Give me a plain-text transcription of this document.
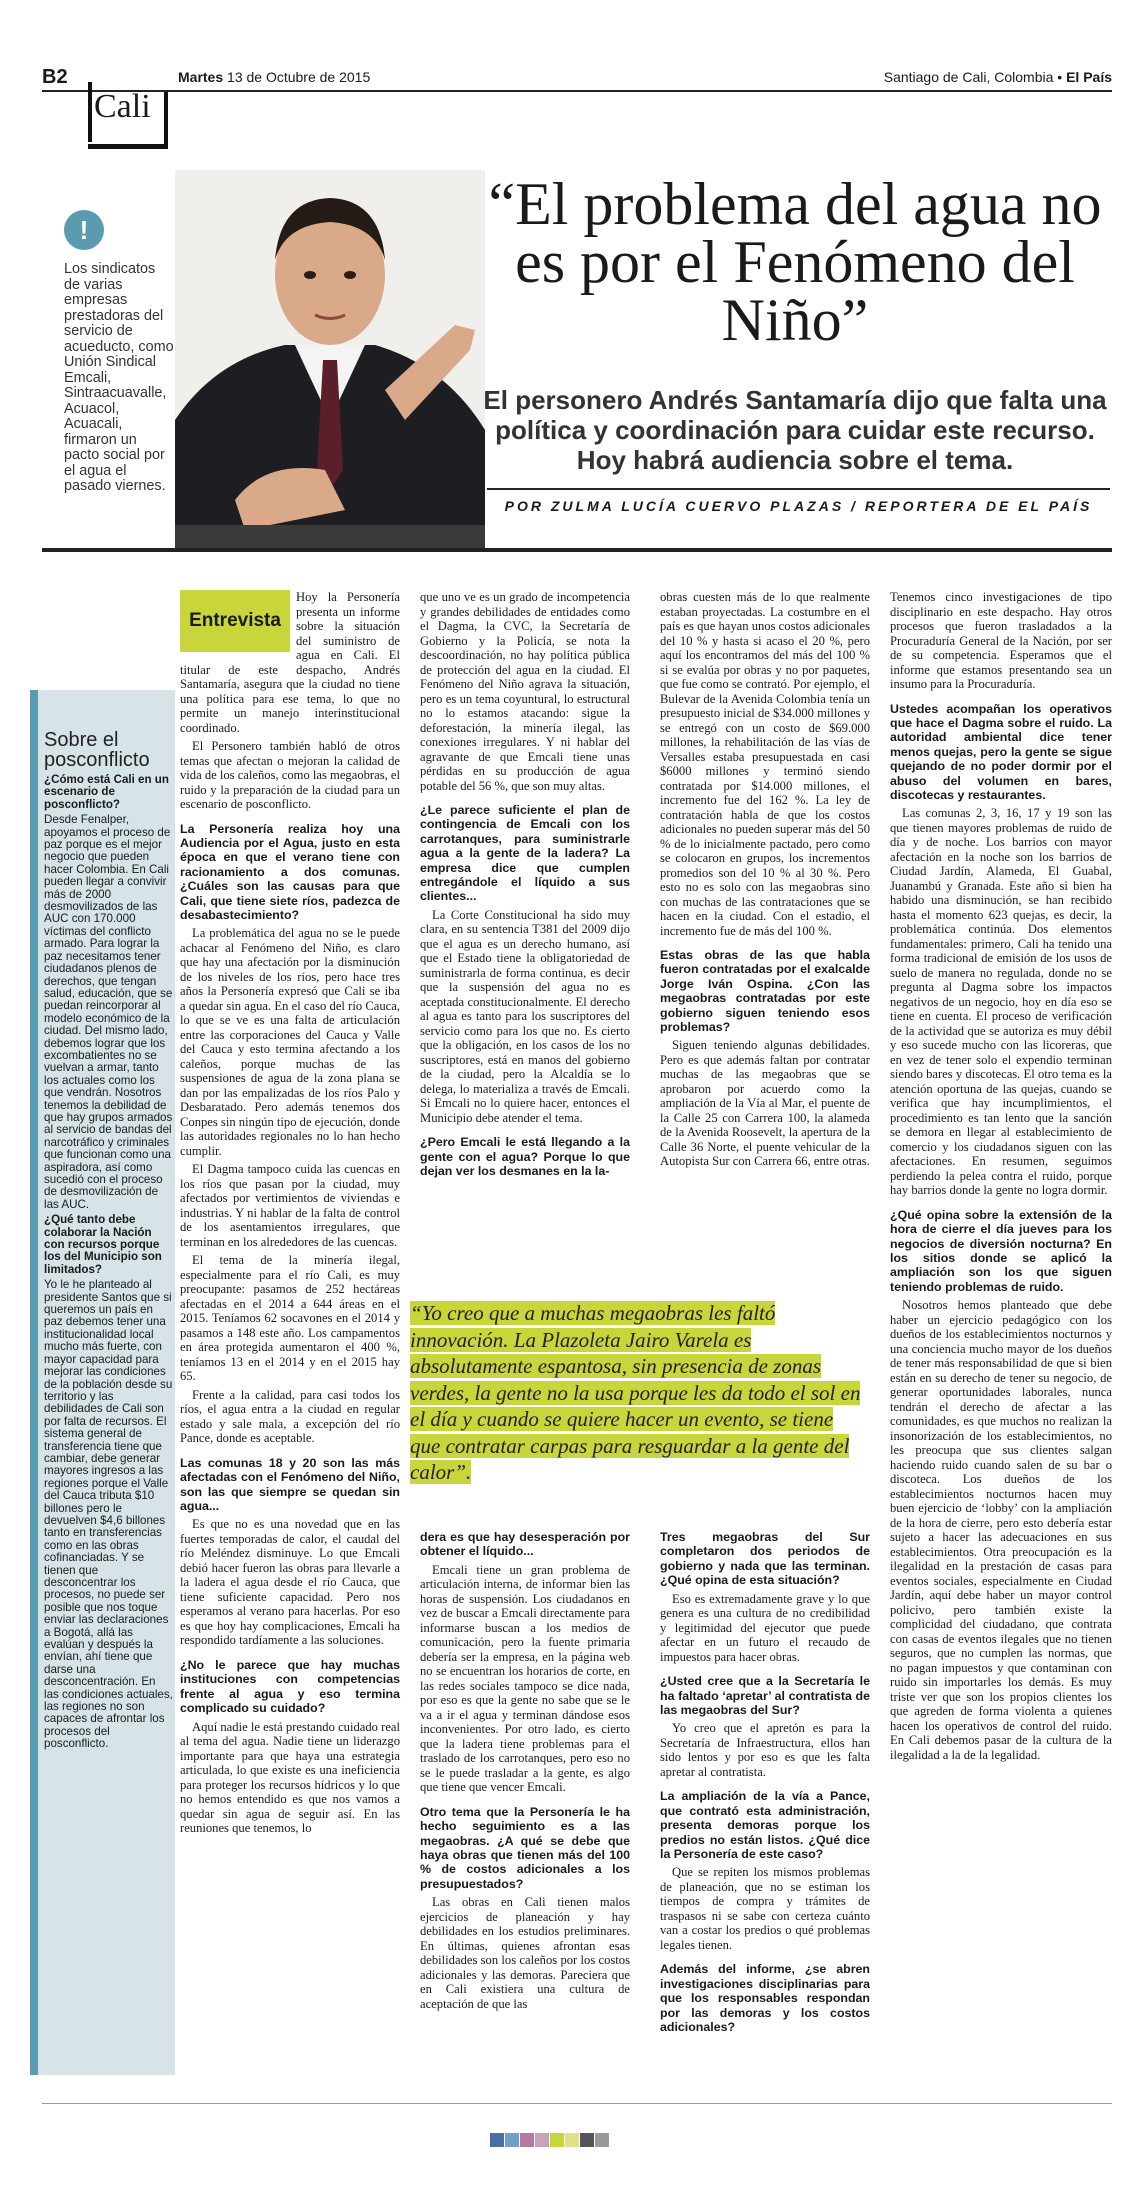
B2	Martes 13 de Octubre de 2015	Santiago de Cali, Colombia • El País
Cali
!
Los sindicatos de varias empresas prestadoras del servicio de acueducto, como Unión Sindical Emcali, Sintraacuavalle, Acuacol, Acuacali, firmaron un pacto social por el agua el pasado viernes.
“El problema del agua no es por el Fenómeno del Niño”
El personero Andrés Santamaría dijo que falta una política y coordinación para cuidar este recurso. Hoy habrá audiencia sobre el tema.
POR ZULMA LUCÍA CUERVO PLAZAS / REPORTERA DE EL PAÍS
Sobre el posconflicto

¿Cómo está Cali en un escenario de posconflicto?

Desde Fenalper, apoyamos el proceso de paz porque es el mejor negocio que pueden hacer Colombia. En Cali pueden llegar a convivir más de 2000 desmovilizados de las AUC con 170.000 víctimas del conflicto armado. Para lograr la paz necesitamos tener ciudadanos plenos de derechos, que tengan salud, educación, que se puedan reincorporar al modelo económico de la ciudad. Del mismo lado, debemos lograr que los excombatientes no se vuelvan a armar, tanto los actuales como los que vendrán. Nosotros tenemos la debilidad de que hay grupos armados al servicio de bandas del narcotráfico y criminales que funcionan como una aspiradora, así como sucedió con el proceso de desmovilización de las AUC.

¿Qué tanto debe colaborar la Nación con recursos porque los del Municipio son limitados?

Yo le he planteado al presidente Santos que si queremos un país en paz debemos tener una institucionalidad local mucho más fuerte, con mayor capacidad para mejorar las condiciones de la población desde su territorio y las debilidades de Cali son por falta de recursos. El sistema general de transferencia tiene que cambiar, debe generar mayores ingresos a las regiones porque el Valle del Cauca tributa $10 billones pero le devuelven $4,6 billones tanto en transferencias como en las obras cofinanciadas. Y se tienen que desconcentrar los procesos, no puede ser posible que nos toque enviar las declaraciones a Bogotá, allá las evalúan y después la envían, ahí tiene que darse una desconcentración. En las condiciones actuales, las regiones no son capaces de afrontar los procesos del posconflicto.

Entrevista

Hoy la Personería presenta un informe sobre la situación del suministro de agua en Cali. El titular de este despacho, Andrés Santamaría, asegura que la ciudad no tiene una política para ese tema, lo que no permite un manejo interinstitucional coordinado.

El Personero también habló de otros temas que afectan o mejoran la calidad de vida de los caleños, como las megaobras, el ruido y la preparación de la ciudad para un escenario de posconflicto.

La Personería realiza hoy una Audiencia por el Agua, justo en esta época en que el verano tiene con racionamiento a dos comunas. ¿Cuáles son las causas para que Cali, que tiene siete ríos, padezca de desabastecimiento?

La problemática del agua no se le puede achacar al Fenómeno del Niño, es claro que hay una afectación por la disminución de los niveles de los ríos, pero hace tres años la Personería expresó que Cali se iba a quedar sin agua. En el caso del río Cauca, lo que se ve es una falta de articulación entre las corporaciones del Cauca y Valle del Cauca y esto termina afectando a los caleños, porque muchas de las suspensiones de agua de la zona plana se dan por las empalizadas de los ríos Palo y Desbaratado. Pero además tenemos dos Conpes sin ningún tipo de ejecución, donde las autoridades regionales no lo han hecho cumplir.

El Dagma tampoco cuida las cuencas en los ríos que pasan por la ciudad, muy afectados por vertimientos de viviendas e industrias. Y ni hablar de la falta de control de los asentamientos irregulares, que terminan en los alrededores de las cuencas.

El tema de la minería ilegal, especialmente para el río Cali, es muy preocupante: pasamos de 252 hectáreas afectadas en el 2014 a 644 áreas en el 2015. Teníamos 62 socavones en el 2014 y pasamos a 148 este año. Los campamentos en área protegida aumentaron el 400 %, teníamos 13 en el 2014 y en el 2015 hay 65.

Frente a la calidad, para casi todos los ríos, el agua entra a la ciudad en regular estado y sale mala, a excepción del río Pance, donde es aceptable.

Las comunas 18 y 20 son las más afectadas con el Fenómeno del Niño, son las que siempre se quedan sin agua...

Es que no es una novedad que en las fuertes temporadas de calor, el caudal del río Meléndez disminuye. Lo que Emcali debió hacer fueron las obras para llevarle a la ladera el agua desde el río Cauca, que tiene suficiente capacidad. Pero nos esperamos al verano para hacerlas. Por eso es que hoy hay complicaciones, Emcali ha respondido tardíamente a las soluciones.

¿No le parece que hay muchas instituciones con competencias frente al agua y eso termina complicado su cuidado?

Aquí nadie le está prestando cuidado real al tema del agua. Nadie tiene un liderazgo importante para que haya una estrategia articulada, lo que existe es una ineficiencia para proteger los recursos hídricos y lo que no hemos entendido es que nos vamos a quedar sin agua de seguir así. En las reuniones que tenemos, lo

que uno ve es un grado de incompetencia y grandes debilidades de entidades como el Dagma, la CVC, la Secretaría de Gobierno y la Policía, se nota la descoordinación, no hay política pública de protección del agua en la ciudad. El Fenómeno del Niño agrava la situación, pero es un tema coyuntural, lo estructural no lo estamos atacando: sigue la deforestación, la minería ilegal, las conexiones irregulares. Y ni hablar del agravante de que Emcali tiene unas pérdidas en su producción de agua potable del 56 %, que son muy altas.

¿Le parece suficiente el plan de contingencia de Emcali con los carrotanques, para suministrarle agua a la gente de la ladera? La empresa dice que cumplen entregándole el líquido a sus clientes...

La Corte Constitucional ha sido muy clara, en su sentencia T381 del 2009 dijo que el agua es un derecho humano, así que el Estado tiene la obligatoriedad de suministrarla de forma continua, es decir que la suspensión del agua no es aceptada constitucionalmente. El derecho al agua es tanto para los suscriptores del servicio como para los que no. Es cierto que la obligación, en los casos de los no suscriptores, está en manos del gobierno de la ciudad, pero la Alcaldía se lo delega, lo materializa a través de Emcali. Si Emcali no lo quiere hacer, entonces el Municipio debe atender el tema.

¿Pero Emcali le está llegando a la gente con el agua? Porque lo que dejan ver los desmanes en la la-

obras cuesten más de lo que realmente estaban proyectadas. La costumbre en el país es que hayan unos costos adicionales del 10 % y hasta si acaso el 20 %, pero aquí los encontramos del más del 100 % si se evalúa por obras y no por paquetes, que fue como se contrató. Por ejemplo, el Bulevar de la Avenida Colombia tenía un presupuesto inicial de $34.000 millones y se entregó con un costo de $69.000 millones, la rehabilitación de las vías de Versalles estaba presupuestada en casi $6000 millones y terminó siendo contratada por $14.000 millones, el incremento fue del 162 %. La ley de contratación habla de que los costos adicionales no pueden superar más del 50 % de lo inicialmente pactado, pero como se colocaron en grupos, los incrementos promedios son del 10 % al 30 %. Pero esto no es solo con las megaobras sino con muchas de las contrataciones que se hacen en la ciudad. Con el estadio, el incremento fue de más del 100 %.

Estas obras de las que habla fueron contratadas por el exalcalde Jorge Iván Ospina. ¿Con las megaobras contratadas por este gobierno siguen teniendo esos problemas?

Siguen teniendo algunas debilidades. Pero es que además faltan por contratar muchas de las megaobras que se aprobaron por acuerdo como la ampliación de la Vía al Mar, el puente de la Calle 25 con Carrera 100, la alameda de la Avenida Roosevelt, la apertura de la Calle 36 Norte, el puente vehicular de la Autopista Sur con Carrera 66, entre otras.

“Yo creo que a muchas megaobras les faltó innovación. La Plazoleta Jairo Varela es absolutamente espantosa, sin presencia de zonas verdes, la gente no la usa porque les da todo el sol en el día y cuando se quiere hacer un evento, se tiene que contratar carpas para resguardar a la gente del calor”.

dera es que hay desesperación por obtener el líquido...

Emcali tiene un gran problema de articulación interna, de informar bien las horas de suspensión. Los ciudadanos en vez de buscar a Emcali directamente para informarse buscan a los medios de comunicación, pero la fuente primaria debería ser la empresa, en la página web no se encuentran los horarios de corte, en las redes sociales tampoco se dice nada, por eso es que la gente no sabe que se le va a ir el agua y terminan dándose esos inconvenientes. Por otro lado, es cierto que la ladera tiene problemas para el traslado de los carrotanques, pero eso no se le puede trasladar a la gente, es algo que tiene que vencer Emcali.

Otro tema que la Personería le ha hecho seguimiento es a las megaobras. ¿A qué se debe que haya obras que tienen más del 100 % de costos adicionales a los presupuestados?

Las obras en Cali tienen malos ejercicios de planeación y hay debilidades en los estudios preliminares. En últimas, quienes afrontan esas debilidades son los caleños por los costos adicionales y las demoras. Pareciera que en Cali existiera una cultura de aceptación de que las

Tres megaobras del Sur completaron dos periodos de gobierno y nada que las terminan. ¿Qué opina de esta situación?

Eso es extremadamente grave y lo que genera es una cultura de no credibilidad y legitimidad del ejecutor que puede afectar en un futuro el recaudo de impuestos para hacer obras.

¿Usted cree que a la Secretaría le ha faltado ‘apretar’ al contratista de las megaobras del Sur?

Yo creo que el apretón es para la Secretaría de Infraestructura, ellos han sido lentos y por eso es que les falta apretar al contratista.

La ampliación de la vía a Pance, que contrató esta administración, presenta demoras porque los predios no están listos. ¿Qué dice la Personería de este caso?

Que se repiten los mismos problemas de planeación, que no se estiman los tiempos de compra y trámites de traspasos ni se sabe con certeza cuánto van a costar los predios o qué problemas legales tienen.

Además del informe, ¿se abren investigaciones disciplinarias para que los responsables respondan por las demoras y los costos adicionales?

Tenemos cinco investigaciones de tipo disciplinario en este despacho. Hay otros procesos que fueron trasladados a la Procuraduría General de la Nación, por ser de su competencia. Esperamos que el informe que estamos presentando sea un insumo para la Procuraduría.

Ustedes acompañan los operativos que hace el Dagma sobre el ruido. La autoridad ambiental dice tener menos quejas, pero la gente se sigue quejando de no poder dormir por el abuso del volumen en bares, discotecas y restaurantes.

Las comunas 2, 3, 16, 17 y 19 son las que tienen mayores problemas de ruido de día y de noche. Los barrios con mayor afectación en la noche son los barrios de Ciudad Jardín, Alameda, El Guabal, Juanambú y Granada. Este año si bien ha habido una disminución, se han recibido hasta el momento 623 quejas, es decir, la problemática continúa. Dos elementos fundamentales: primero, Cali ha tenido una forma tradicional de emisión de los usos de suelo de manera no regulada, donde no se pregunta al Dagma sobre los impactos negativos de un negocio, hoy en día eso se tiene en cuenta. El proceso de verificación de la actividad que se autoriza es muy débil y eso sucede mucho con las licoreras, que en vez de tener solo el expendio terminan siendo bares y discotecas. El otro tema es la atención oportuna de las quejas, cuando se verifica que hay incumplimientos, el procedimiento es tan lento que la sanción se demora en llegar al establecimiento de comercio y los ciudadanos siguen con las afectaciones. En resumen, seguimos perdiendo la pelea contra el ruido, porque hay barrios donde la gente no logra dormir.

¿Qué opina sobre la extensión de la hora de cierre el día jueves para los negocios de diversión nocturna? En los sitios donde se aplicó la ampliación son los que siguen teniendo problemas de ruido.

Nosotros hemos planteado que debe haber un ejercicio pedagógico con los dueños de los establecimientos nocturnos y una conciencia mucho mayor de los dueños de tener más responsabilidad de que si bien están en su derecho de tener su negocio, de generar oportunidades laborales, nunca tendrán el derecho de afectar a las comunidades, es que muchos no realizan la insonorización de los establecimientos, no les preocupa que sus clientes salgan haciendo ruido cuando salen de su bar o discoteca. Los dueños de los establecimientos nocturnos hacen muy buen ejercicio de ‘lobby’ con la ampliación de la hora de cierre, pero esto debería estar sujeto a hacer las adecuaciones en sus establecimientos. Otra preocupación es la ilegalidad en la prestación de casas para eventos sociales, especialmente en Ciudad Jardín, aquí debe haber un mayor control policivo, pero también existe la complicidad del ciudadano, que contrata con casas de eventos ilegales que no tienen seguros, que no cumplen las normas, que no pagan impuestos y que contaminan con ruido sin importarles los demás. Es muy triste ver que son los propios clientes los que agreden de forma violenta a quienes hacen los operativos de control del ruido. En Cali debemos pasar de la cultura de la ilegalidad a la de la legalidad.
